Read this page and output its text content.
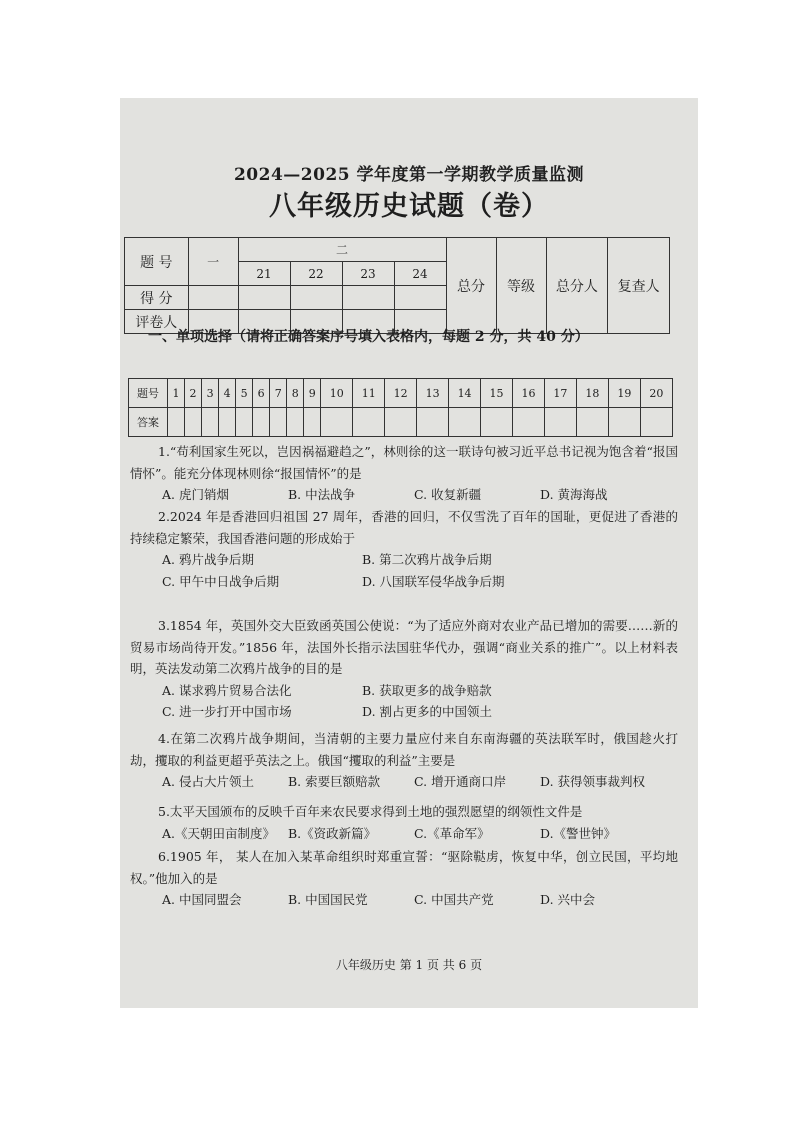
2024—2025 学年度第一学期教学质量监测
八年级历史试题（卷）
题 号	一	二				总分	等级	总分人	复查人
		21	22	23	24				
得 分									
评卷人									
一、单项选择（请将正确答案序号填入表格内，每题 2 分，共 40 分）
题号	1	2	3	4	5	6	7	8	9	10	11	12	13	14	15	16	17	18	19	20
答案																				

1.“苟利国家生死以，岂因祸福避趋之”，林则徐的这一联诗句被习近平总书记视为饱含着“报国情怀”。能充分体现林则徐“报国情怀”的是

A. 虎门销烟	B. 中法战争	C. 收复新疆	D. 黄海海战

2.2024 年是香港回归祖国 27 周年，香港的回归，不仅雪洗了百年的国耻，更促进了香港的持续稳定繁荣，我国香港问题的形成始于

A. 鸦片战争后期	B. 第二次鸦片战争后期

C. 甲午中日战争后期	D. 八国联军侵华战争后期

3.1854 年，英国外交大臣致函英国公使说：“为了适应外商对农业产品已增加的需要……新的贸易市场尚待开发。”1856 年，法国外长指示法国驻华代办，强调“商业关系的推广”。以上材料表明，英法发动第二次鸦片战争的目的是

A. 谋求鸦片贸易合法化	B. 获取更多的战争赔款

C. 进一步打开中国市场	D. 割占更多的中国领土

4.在第二次鸦片战争期间，当清朝的主要力量应付来自东南海疆的英法联军时，俄国趁火打劫，攫取的利益更超乎英法之上。俄国“攫取的利益”主要是

A. 侵占大片领土	B. 索要巨额赔款	C. 增开通商口岸	D. 获得领事裁判权

5.太平天国颁布的反映千百年来农民要求得到土地的强烈愿望的纲领性文件是

A.《天朝田亩制度》	B.《资政新篇》	C.《革命军》	D.《警世钟》

6.1905 年， 某人在加入某革命组织时郑重宣誓：“驱除鞑虏，恢复中华，创立民国，平均地权。”他加入的是

A. 中国同盟会	B. 中国国民党	C. 中国共产党	D. 兴中会

八年级历史 第 1 页 共 6 页
